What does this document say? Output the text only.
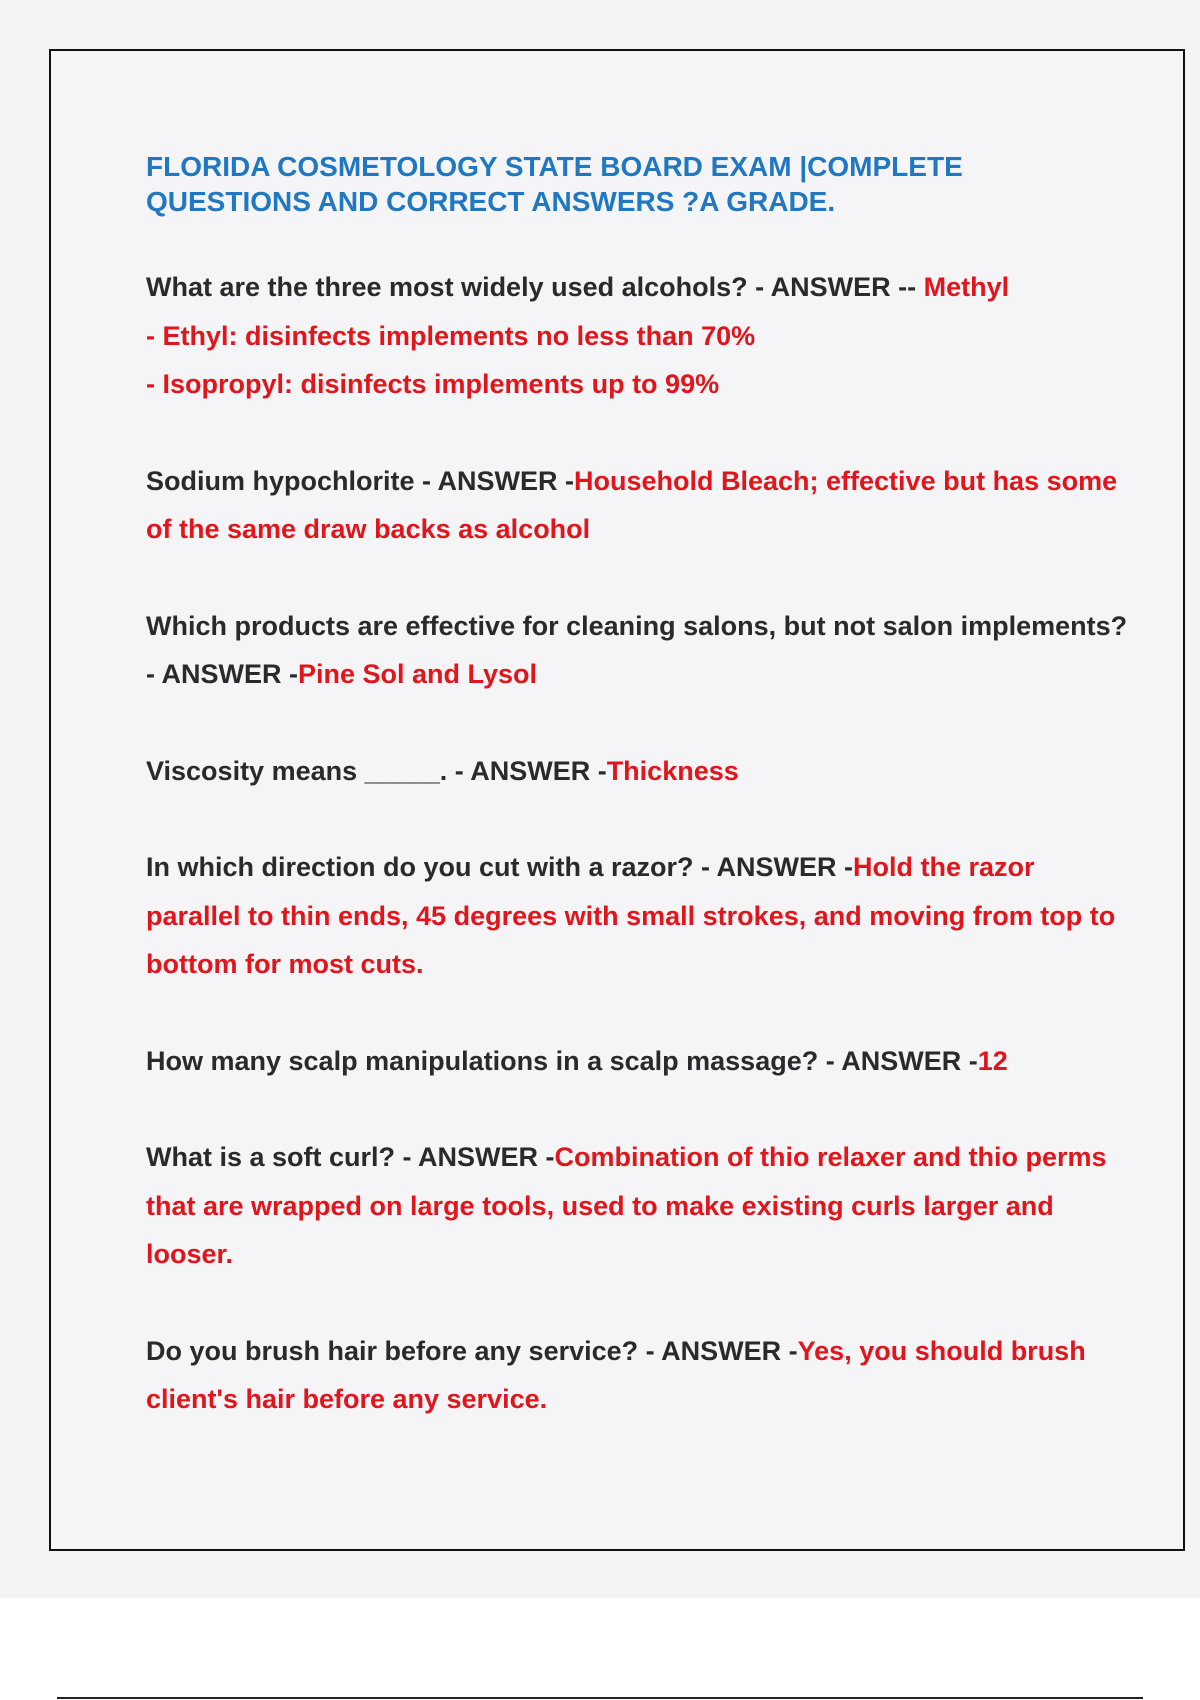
FLORIDA COSMETOLOGY STATE BOARD EXAM |COMPLETE QUESTIONS AND CORRECT ANSWERS ?A GRADE.
What are the three most widely used alcohols? - ANSWER -- Methyl
- Ethyl: disinfects implements no less than 70%
- Isopropyl: disinfects implements up to 99%
Sodium hypochlorite - ANSWER -Household Bleach; effective but has some of the same draw backs as alcohol
Which products are effective for cleaning salons, but not salon implements? - ANSWER -Pine Sol and Lysol
Viscosity means _____. - ANSWER -Thickness
In which direction do you cut with a razor? - ANSWER -Hold the razor parallel to thin ends, 45 degrees with small strokes, and moving from top to bottom for most cuts.
How many scalp manipulations in a scalp massage? - ANSWER -12
What is a soft curl? - ANSWER -Combination of thio relaxer and thio perms that are wrapped on large tools, used to make existing curls larger and looser.
Do you brush hair before any service? - ANSWER -Yes, you should brush client's hair before any service.
